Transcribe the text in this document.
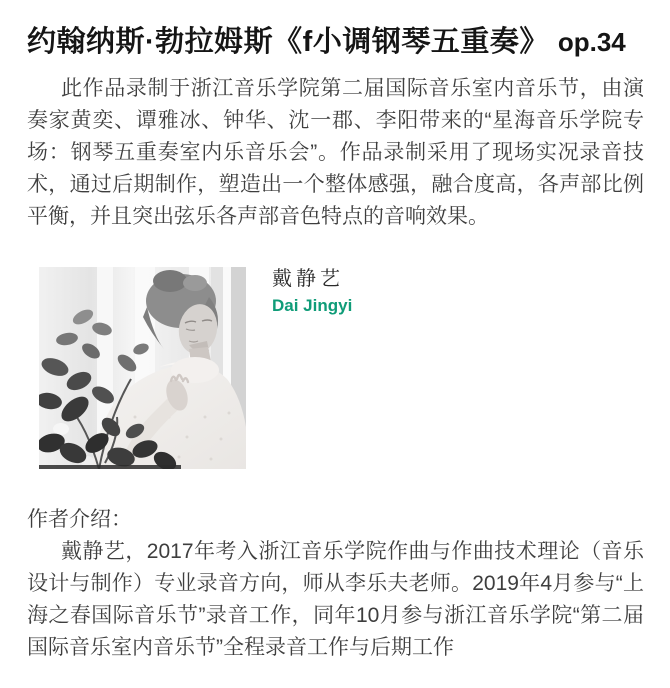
约翰纳斯·勃拉姆斯《f小调钢琴五重奏》 op.34

此作品录制于浙江音乐学院第二届国际音乐室内音乐节，由演奏家黄奕、谭雅冰、钟华、沈一郡、李阳带来的“星海音乐学院专场：钢琴五重奏室内乐音乐会”。作品录制采用了现场实况录音技术，通过后期制作，塑造出一个整体感强，融合度高，各声部比例平衡，并且突出弦乐各声部音色特点的音响效果。

戴静艺
Dai Jingyi
作者介绍：

戴静艺，2017年考入浙江音乐学院作曲与作曲技术理论（音乐设计与制作）专业录音方向，师从李乐夫老师。2019年4月参与“上海之春国际音乐节”录音工作，同年10月参与浙江音乐学院“第二届国际音乐室内音乐节”全程录音工作与后期工作
